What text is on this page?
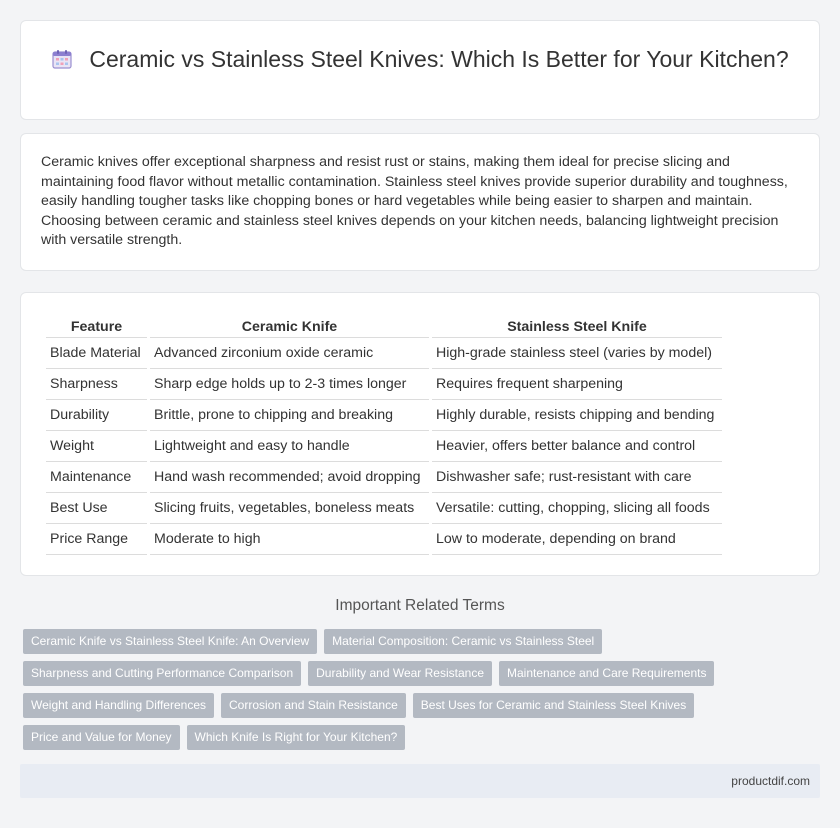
Ceramic vs Stainless Steel Knives: Which Is Better for Your Kitchen?

Ceramic knives offer exceptional sharpness and resist rust or stains, making them ideal for precise slicing and maintaining food flavor without metallic contamination. Stainless steel knives provide superior durability and toughness, easily handling tougher tasks like chopping bones or hard vegetables while being easier to sharpen and maintain. Choosing between ceramic and stainless steel knives depends on your kitchen needs, balancing lightweight precision with versatile strength.

Feature	Ceramic Knife	Stainless Steel Knife
Blade Material	Advanced zirconium oxide ceramic	High-grade stainless steel (varies by model)
Sharpness	Sharp edge holds up to 2-3 times longer	Requires frequent sharpening
Durability	Brittle, prone to chipping and breaking	Highly durable, resists chipping and bending
Weight	Lightweight and easy to handle	Heavier, offers better balance and control
Maintenance	Hand wash recommended; avoid dropping	Dishwasher safe; rust-resistant with care
Best Use	Slicing fruits, vegetables, boneless meats	Versatile: cutting, chopping, slicing all foods
Price Range	Moderate to high	Low to moderate, depending on brand
Important Related Terms
Ceramic Knife vs Stainless Steel Knife: An Overview	Material Composition: Ceramic vs Stainless Steel
Sharpness and Cutting Performance Comparison	Durability and Wear Resistance	Maintenance and Care Requirements
Weight and Handling Differences	Corrosion and Stain Resistance	Best Uses for Ceramic and Stainless Steel Knives
Price and Value for Money	Which Knife Is Right for Your Kitchen?
productdif.com
